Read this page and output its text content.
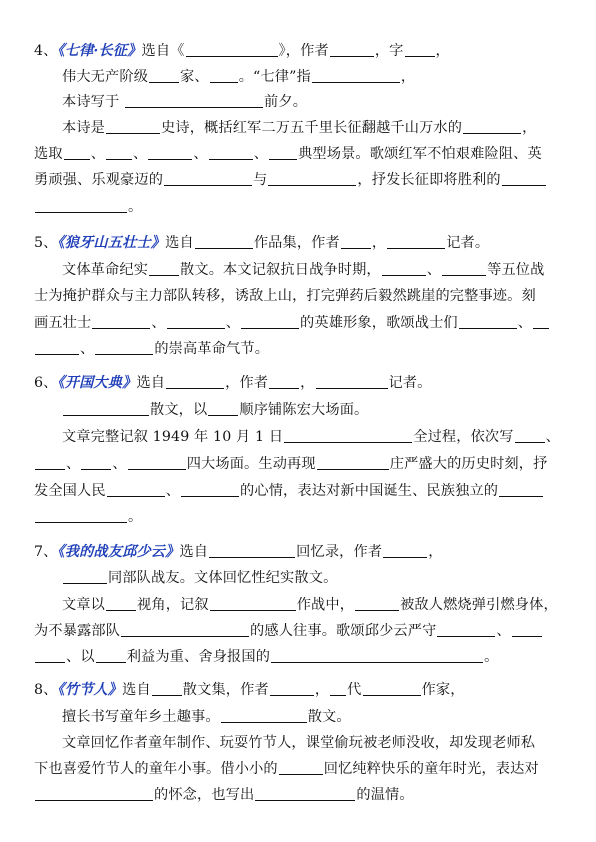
4、《七律·长征》选自《	》，作者	，字 ，
伟大无产阶级 家、 。“七律”指	，
本诗写于	前夕。
本诗是	史诗，概括红军二万五千里长征翻越千山万水的	，
选取 、 、	、	、 典型场景。歌颂红军不怕艰难险阻、英
勇顽强、乐观豪迈的	与	，抒发长征即将胜利的
。
5、《狼牙山五壮士》选自	作品集，作者 ，	记者。
文体革命纪实 散文。本文记叙抗日战争时期，	、	等五位战
士为掩护群众与主力部队转移，诱敌上山，打完弹药后毅然跳崖的完整事迹。刻
画五壮士	、	、	的英雄形象，歌颂战士们	、
、	的崇高革命气节。
6、《开国大典》选自	，作者 ，	记者。
散文，以 顺序铺陈宏大场面。
文章完整记叙 1949 年 10 月 1 日	全过程，依次写 、
、 、	四大场面。生动再现	庄严盛大的历史时刻，抒
发全国人民	、	的心情，表达对新中国诞生、民族独立的
。
7、《我的战友邱少云》选自	回忆录，作者	，
同部队战友。文体回忆性纪实散文。
文章以 视角，记叙	作战中，	被敌人燃烧弹引燃身体，
为不暴露部队	的感人往事。歌颂邱少云严守	、
、以 利益为重、舍身报国的	。
8、《竹节人》选自 散文集，作者	， 代	作家，
擅长书写童年乡土趣事。	散文。
文章回忆作者童年制作、玩耍竹节人，课堂偷玩被老师没收，却发现老师私
下也喜爱竹节人的童年小事。借小小的	回忆纯粹快乐的童年时光，表达对
的怀念，也写出	的温情。
